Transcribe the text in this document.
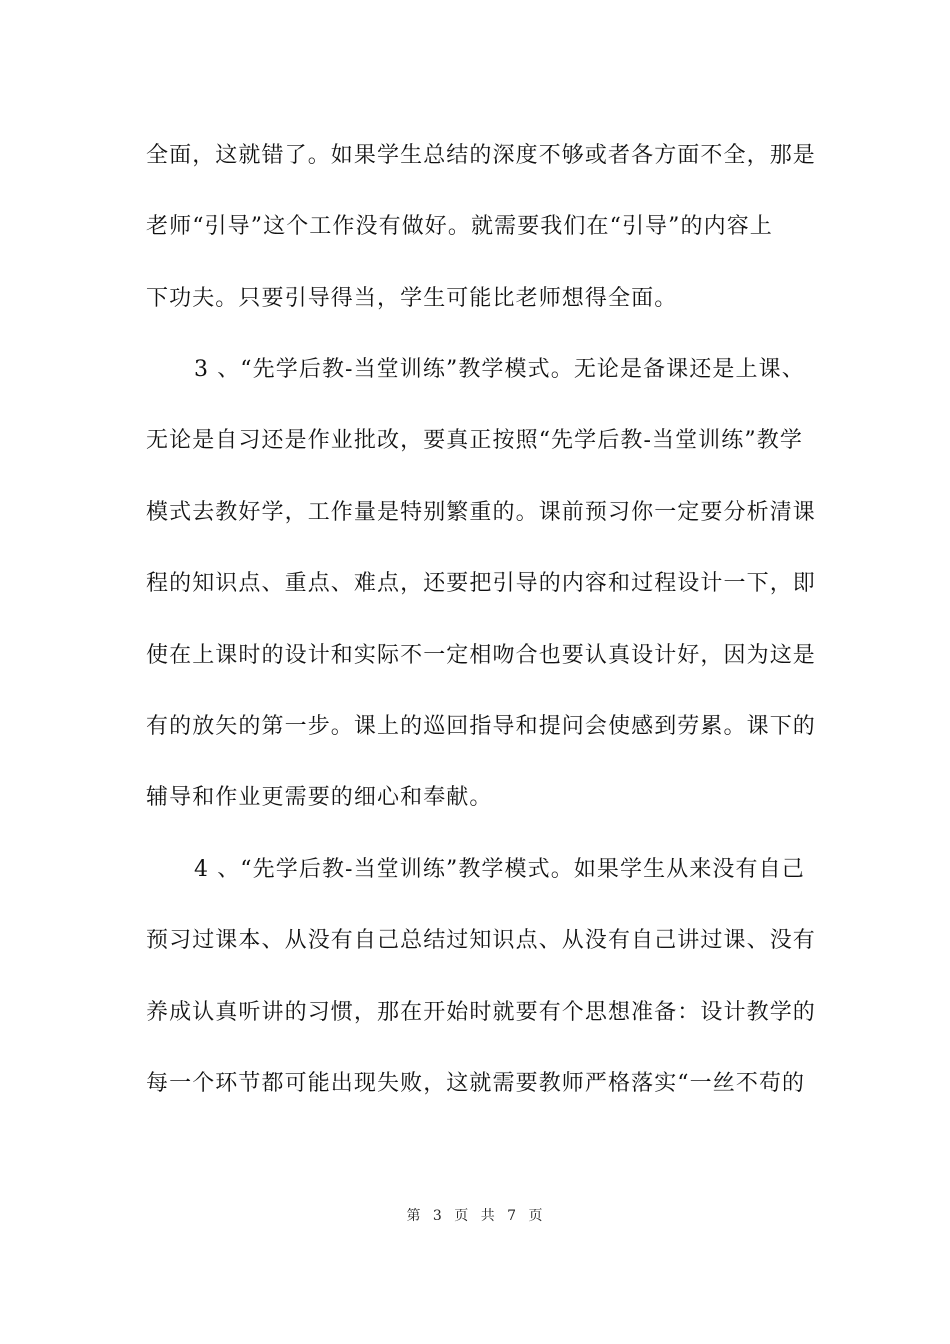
全面，这就错了。如果学生总结的深度不够或者各方面不全，那是
老师“引导”这个工作没有做好。就需要我们在“引导”的内容上
下功夫。只要引导得当，学生可能比老师想得全面。
3 、“先学后教-当堂训练”教学模式。无论是备课还是上课、
无论是自习还是作业批改，要真正按照“先学后教-当堂训练”教学
模式去教好学，工作量是特别繁重的。课前预习你一定要分析清课
程的知识点、重点、难点，还要把引导的内容和过程设计一下，即
使在上课时的设计和实际不一定相吻合也要认真设计好，因为这是
有的放矢的第一步。课上的巡回指导和提问会使感到劳累。课下的
辅导和作业更需要的细心和奉献。
4 、“先学后教-当堂训练”教学模式。如果学生从来没有自己
预习过课本、从没有自己总结过知识点、从没有自己讲过课、没有
养成认真听讲的习惯，那在开始时就要有个思想准备：设计教学的
每一个环节都可能出现失败，这就需要教师严格落实“一丝不苟的
第 3 页 共 7 页
